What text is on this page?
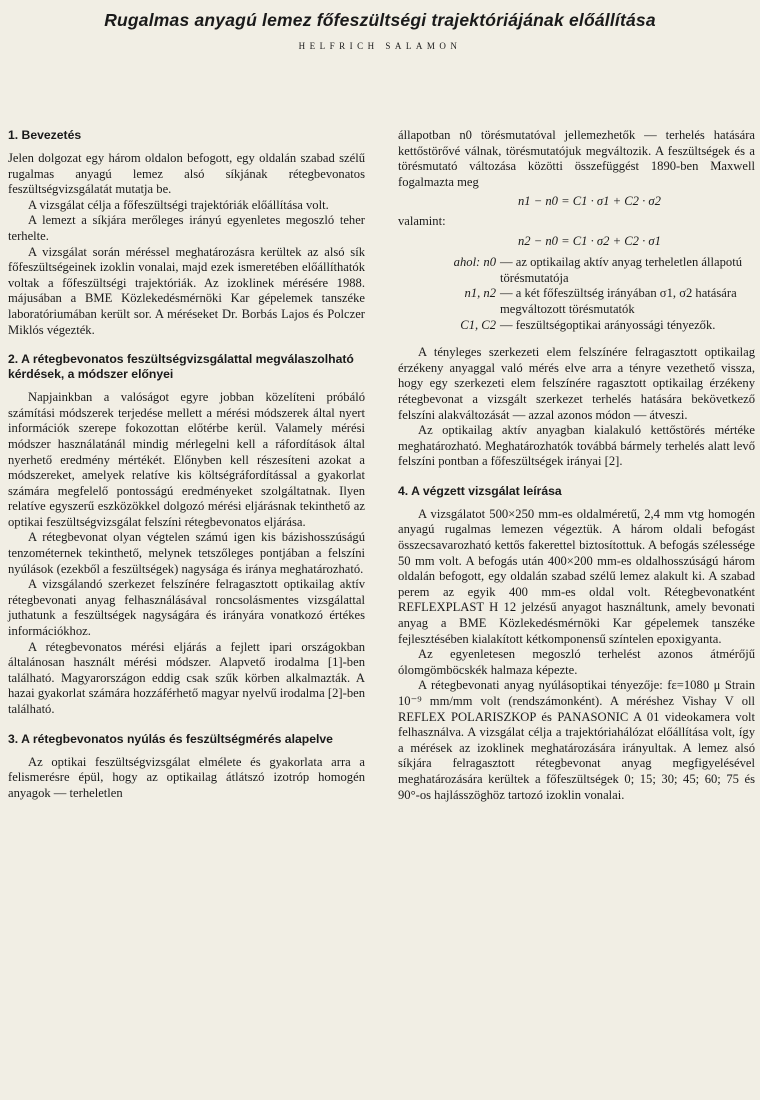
Rugalmas anyagú lemez főfeszültségi trajektóriájának előállítása
HELFRICH SALAMON
1. Bevezetés

Jelen dolgozat egy három oldalon befogott, egy oldalán szabad szélű rugalmas anyagú lemez alsó síkjának rétegbevonatos feszültségvizsgálatát mutatja be.

A vizsgálat célja a főfeszültségi trajektóriák előállítása volt.

A lemezt a síkjára merőleges irányú egyenletes megoszló teher terhelte.

A vizsgálat során méréssel meghatározásra kerültek az alsó sík főfeszültségeinek izoklin vonalai, majd ezek ismeretében előállíthatók voltak a főfeszültségi trajektóriák. Az izoklinek mérésére 1988. májusában a BME Közlekedésmérnöki Kar gépelemek tanszéke laboratóriumában került sor. A méréseket Dr. Borbás Lajos és Polczer Miklós végezték.

2. A rétegbevonatos feszültségvizsgálattal megválaszolható kérdések, a módszer előnyei

Napjainkban a valóságot egyre jobban közelíteni próbáló számítási módszerek terjedése mellett a mérési módszerek által nyert információk szerepe fokozottan előtérbe kerül. Valamely mérési módszer használatánál mindig mérlegelni kell a ráfordítások által nyerhető eredmény mértékét. Előnyben kell részesíteni azokat a módszereket, amelyek relatíve kis költségráfordítással a gyakorlat számára megfelelő pontosságú eredményeket szolgáltatnak. Ilyen relatíve egyszerű eszközökkel dolgozó mérési eljárásnak tekinthető az optikai feszültségvizsgálat felszíni rétegbevonatos eljárása.

A rétegbevonat olyan végtelen számú igen kis bázishosszúságú tenzométernek tekinthető, melynek tetszőleges pontjában a felszíni nyúlások (ezekből a feszültségek) nagysága és iránya meghatározható.

A vizsgálandó szerkezet felszínére felragasztott optikailag aktív rétegbevonati anyag felhasználásával roncsolásmentes vizsgálattal juthatunk a feszültségek nagyságára és irányára vonatkozó értékes információkhoz.

A rétegbevonatos mérési eljárás a fejlett ipari országokban általánosan használt mérési módszer. Alapvető irodalma [1]-ben található. Magyarországon eddig csak szűk körben alkalmazták. A hazai gyakorlat számára hozzáférhető magyar nyelvű irodalma [2]-ben található.

3. A rétegbevonatos nyúlás és feszültségmérés alapelve

Az optikai feszültségvizsgálat elmélete és gyakorlata arra a felismerésre épül, hogy az optikailag átlátszó izotróp homogén anyagok — terheletlen

állapotban n0 törésmutatóval jellemezhetők — terhelés hatására kettőstörővé válnak, törésmutatójuk megváltozik. A feszültségek és a törésmutató változása közötti összefüggést 1890-ben Maxwell fogalmazta meg

n1 − n0 = C1 · σ1 + C2 · σ2
valamint:
n2 − n0 = C1 · σ2 + C2 · σ1
ahol: n0 — az optikailag aktív anyag terheletlen állapotú törésmutatója
n1, n2 — a két főfeszültség irányában σ1, σ2 hatására megváltozott törésmutatók
C1, C2 — feszültségoptikai arányossági tényezők.

A tényleges szerkezeti elem felszínére felragasztott optikailag érzékeny anyaggal való mérés elve arra a tényre vezethető vissza, hogy egy szerkezeti elem felszínére ragasztott optikailag érzékeny rétegbevonat a vizsgált szerkezet terhelés hatására bekövetkező felszíni alakváltozását — azzal azonos módon — átveszi.

Az optikailag aktív anyagban kialakuló kettőstörés mértéke meghatározható. Meghatározhatók továbbá bármely terhelés alatt levő felszíni pontban a főfeszültségek irányai [2].

4. A végzett vizsgálat leírása

A vizsgálatot 500×250 mm-es oldalméretű, 2,4 mm vtg homogén anyagú rugalmas lemezen végeztük. A három oldali befogást összecsavarozható kettős fakerettel biztosítottuk. A befogás szélessége 50 mm volt. A befogás után 400×200 mm-es oldalhosszúságú három oldalán befogott, egy oldalán szabad szélű lemez alakult ki. A szabad perem az egyik 400 mm-es oldal volt. Rétegbevonatként REFLEXPLAST H 12 jelzésű anyagot használtunk, amely bevonati anyag a BME Közlekedésmérnöki Kar gépelemek tanszéke fejlesztésében kialakított kétkomponensű színtelen epoxigyanta.

Az egyenletesen megoszló terhelést azonos átmérőjű ólomgömböcskék halmaza képezte.

A rétegbevonati anyag nyúlásoptikai tényezője: fε=1080 μ Strain 10⁻⁹ mm/mm volt (rendszámonként). A méréshez Vishay V oll REFLEX POLARISZKOP és PANASONIC A 01 videokamera volt felhasználva. A vizsgálat célja a trajektóriahálózat előállítása volt, így a mérések az izoklinek meghatározására irányultak. A lemez alsó síkjára felragasztott rétegbevonat anyag megfigyelésével meghatározására kerültek a főfeszültségek 0; 15; 30; 45; 60; 75 és 90°-os hajlásszöghöz tartozó izoklin vonalai.
